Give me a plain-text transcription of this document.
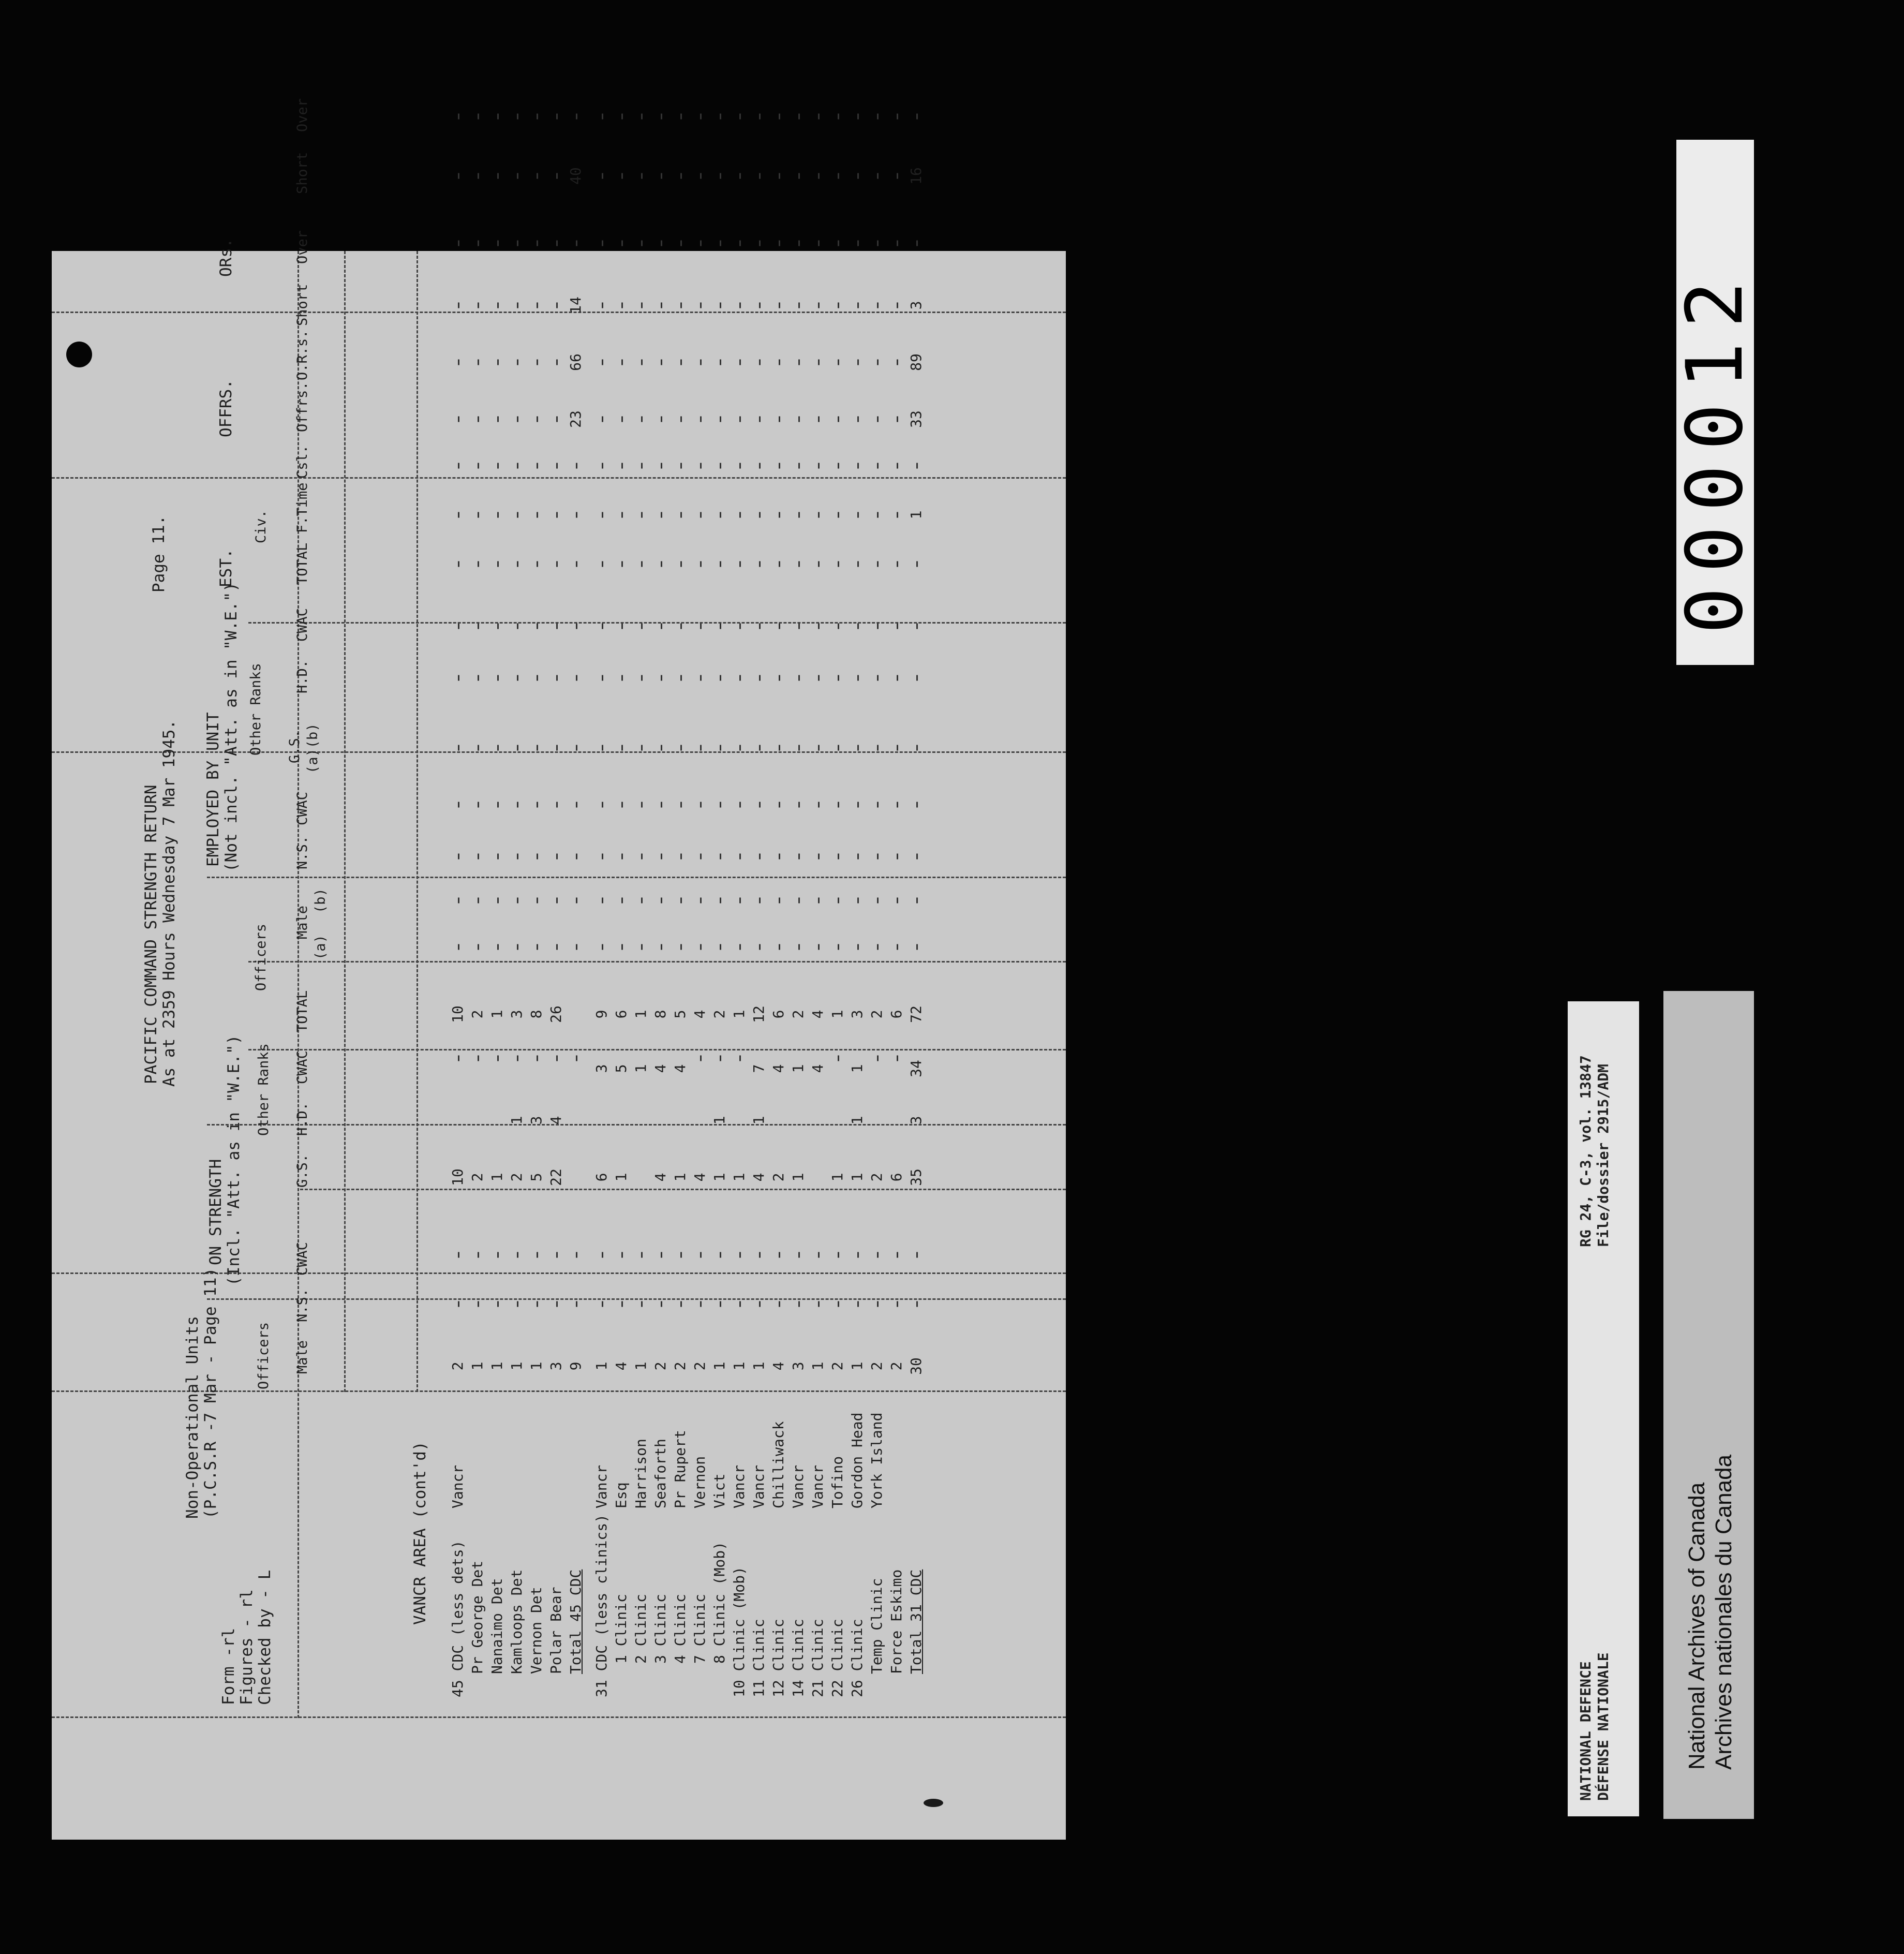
Non-Operational Units (P.C.S.R -7 Mar - Page 11)
PACIFIC COMMAND STRENGTH RETURN As at 2359 Hours Wednesday 7 Mar 1945.
Page 11.
Form -rl Figures - rl Checked by - L
ON STRENGTH (Incl. "Att. as in "W.E.")
EMPLOYED BY UNIT (Not incl. "Att. as in "W.E.")
EST.
OFFRS.
ORs.
Officers
Other Ranks
Officers
Other Ranks
Civ.
Male
N.S.
CWAC
G.S.
H.D.
CWAC
TOTAL
Male
(a)
(b)
N.S.
CWAC
G.S. (a)(b)
H.D.
CWAC
TOTAL
F.Time
Csl.
Offrs.
O.R.s.
Short
Over
Short
Over
VANCR AREA (cont'd) 45 CDC (less dets)
Vancr
2
10
10
Pr George Det
1
2
2
Nanaimo Det
1
1
1
Kamloops Det
1
2
1
3
Vernon Det
1
5
3
8
Polar Bear
3
22
4
26
Total 45 CDC
9
23
66
14
40
31 CDC (less clinics)
Vancr
1
6
3
9
1 Clinic
Esq
4
1
5
6
2 Clinic
Harrison
1
1
1
3 Clinic
Seaforth
2
4
4
8
4 Clinic
Pr Rupert
2
1
4
5
7 Clinic
Vernon
2
4
4
8 Clinic (Mob)
Vict
1
1
1
2
10 Clinic (Mob)
Vancr
1
1
1
11 Clinic
Vancr
1
4
1
7
12
12 Clinic
Chilliwack
4
2
4
6
14 Clinic
Vancr
3
1
1
2
21 Clinic
Vancr
1
4
4
22 Clinic
Tofino
2
1
1
26 Clinic
Gordon Head
1
1
1
1
3
Temp Clinic
York Island
2
2
2
Force Eskimo
2
6
6
Total 31 CDC
30
35
3
34
72
1
33
89
3
16
NATIONAL DEFENCE DÉFENSE NATIONALE
RG 24, C-3, vol. 13847 File/dossier 2915/ADM
National Archives of Canada Archives nationales du Canada
000012
